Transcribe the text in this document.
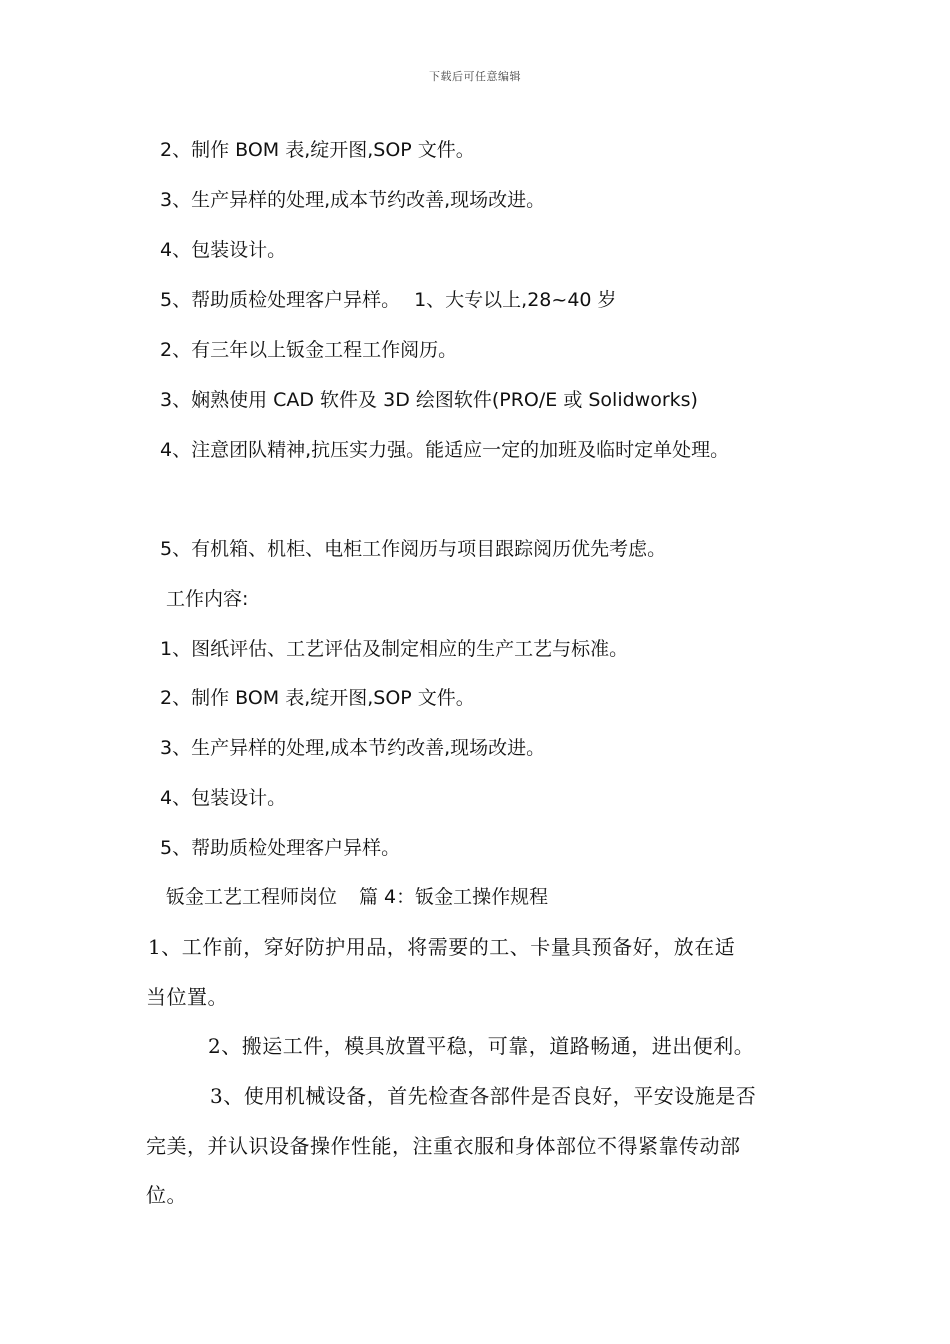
下载后可任意编辑
2、制作 BOM 表,绽开图,SOP 文件。
3、生产异样的处理,成本节约改善,现场改进。
4、包装设计。
5、帮助质检处理客户异样。 1、大专以上,28~40 岁
2、有三年以上钣金工程工作阅历。
3、娴熟使用 CAD 软件及 3D 绘图软件(PRO/E 或 Solidworks)
4、注意团队精神,抗压实力强。能适应一定的加班及临时定单处理。
5、有机箱、机柜、电柜工作阅历与项目跟踪阅历优先考虑。
工作内容:
1、图纸评估、工艺评估及制定相应的生产工艺与标准。
2、制作 BOM 表,绽开图,SOP 文件。
3、生产异样的处理,成本节约改善,现场改进。
4、包装设计。
5、帮助质检处理客户异样。
钣金工艺工程师岗位 篇 4：钣金工操作规程
1、工作前，穿好防护用品，将需要的工、卡量具预备好，放在适
当位置。
2、搬运工件，模具放置平稳，可靠，道路畅通，进出便利。
3、使用机械设备，首先检查各部件是否良好，平安设施是否
完美，并认识设备操作性能，注重衣服和身体部位不得紧靠传动部
位。
